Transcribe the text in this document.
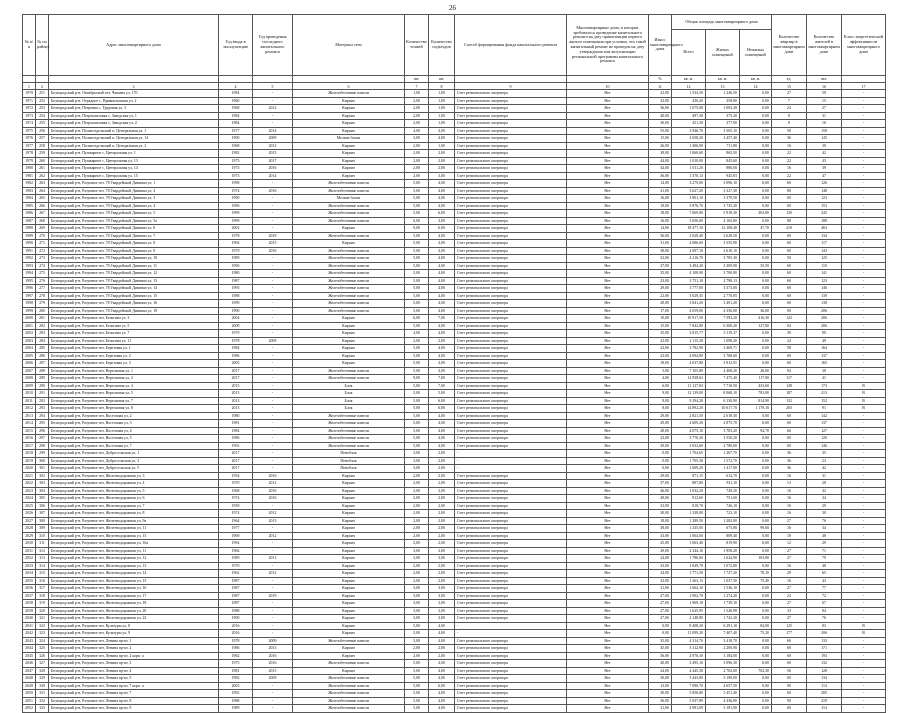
26
№ п/п	№ по району	Адрес многоквартирного дома	Год ввода в эксплуатацию	Год проведения последнего капитального ремонта	Материал стен	Количество этажей	Количество подъездов	Способ формирования фонда капитального ремонта	Многоквартирные дома, в которых требовалось проведение капитального ремонта на дату приватизации первого жилого помещения при условии, что такой капитальный ремонт не проведен на дату утверждения или актуализации региональной программы капитального ремонта	Износ многоквартирного дома	Общая площадь многоквартирного дома			Количество квартир в многоквартирном доме	Количество жителей в многоквартирном доме	Класс энергетической эффективности многоквартирного дома
											Всего	Жилых помещений	Нежилых помещений			
						шт.	шт.			%	кв. м.	кв. м.	кв. м.	ед.	чел.	
1	2	3	4	5	6	7	8	9	10	11	12	13	14	15	16	17
1970	251	Белгородский р-н, Октябрьский пгт, Чапаева ул, 170	1984	-	Железобетонные панели	1,00	1,00	Счет регионального оператора	Нет	22,00	1 534,50	1 246,50	0,00	27	58	-
1971	252	Белгородский р-н, Отрадное с, Привокзальная ул, 2	1960	-	Кирпич	2,00	1,00	Счет регионального оператора	Нет	32,00	436,20	358,00	0,00	7	15	-
1972	253	Белгородский р-н, Петровка с, Трудовая ул, 3	1968	2012	Кирпич	2,00	1,00	Счет регионального оператора	Нет	36,00	1 075,08	1 003,28	0,00	24	27	-
1973	254	Белгородский р-н, Петропавловка с, Заводская ул, 1	1984	-	Кирпич	2,00	1,00	Счет регионального оператора	Нет	40,00	497,30	375,20	0,00	8	31	-
1974	255	Белгородский р-н, Петропавловка с, Заводская ул, 2	1984	-	Кирпич	2,00	1,00	Счет регионального оператора	Нет	30,00	451,30	377,90	0,00	8	16	-
1975	256	Белгородский р-н, Политотдельский п, Центральная ул, 1	1977	2014	Кирпич	4,00	4,00	Счет регионального оператора	Нет	55,00	3 946,70	3 505,10	0,00	58	158	-
1976	257	Белгородский р-н, Политотдельский п, Центральная ул, 14	1990	2009	Мелкие блоки	3,00	4,00	Счет регионального оператора	Нет	15,00	2 658,20	2 457,40	0,00	36	145	-
1977	258	Белгородский р-н, Политотдельский п, Центральная ул, 2	1968	2012	Кирпич	2,00	1,00	Счет регионального оператора	Нет	26,00	1 306,90	711,80	0,00	16	30	-
1978	259	Белгородский р-н, Пушкарное с, Центральная ул, 1	1982	2015	Кирпич	2,00	2,00	Счет регионального оператора	Нет	38,00	1 060,60	865,50	0,00	22	42	-
1979	260	Белгородский р-н, Пушкарное с, Центральная ул, 13	1975	2017	Кирпич	2,00	2,00	Счет регионального оператора	Нет	44,00	1 010,00	845,60	0,00	22	43	-
1980	261	Белгородский р-н, Пушкарное с, Центральная ул, 14	1973	2016	Кирпич	2,00	2,00	Счет регионального оператора	Нет	44,00	1 011,20	886,00	0,00	16	39	-
1981	262	Белгородский р-н, Пушкарное с, Центральная ул, 15	1973	2014	Кирпич	2,00	3,00	Счет регионального оператора	Нет	36,00	1 370,13	945,83	0,00	22	47	-
1982	263	Белгородский р-н, Разумное пгт, 78 Гвардейской Дивизии ул, 1	1998	-	Железобетонные панели	5,00	4,00	Счет регионального оператора	Нет	14,00	3 279,00	3 096,10	0,00	60	126	-
1983	264	Белгородский р-н, Разумное пгт, 78 Гвардейской Дивизии ул, 2	1974	2016	Железобетонные панели	5,00	4,00	Счет регионального оператора	Нет	41,00	3 627,20	3 327,30	0,00	80	148	-
1984	265	Белгородский р-н, Разумное пгт, 78 Гвардейской Дивизии ул, 3	1990	-	Мелкие блоки	5,00	4,00	Счет регионального оператора	Нет	16,00	3 901,10	3 379,50	0,00	60	123	-
1985	266	Белгородский р-н, Разумное пгт, 78 Гвардейской Дивизии ул, 4	1996	-	Железобетонные панели	5,00	4,00	Счет регионального оператора	Нет	19,00	3 876,70	3 735,20	0,00	60	153	-
1986	267	Белгородский р-н, Разумное пгт, 78 Гвардейской Дивизии ул, 5	1999	-	Железобетонные панели	5,00	6,00	Счет регионального оператора	Нет	18,00	7 069,80	5 918,30	303,80	120	245	-
1987	268	Белгородский р-н, Разумное пгт, 78 Гвардейской Дивизии ул, 5а	1999	-	Железобетонные панели	6,00	3,00	Счет регионального оператора	Нет	16,00	5 656,00	4 165,60	0,00	88	188	-
1988	269	Белгородский р-н, Разумное пгт, 78 Гвардейской Дивизии ул, 6	2002	-	Кирпич	9,00	6,00	Счет регионального оператора	Нет	14,00	18 477,10	12 108,40	47,70	210	463	-
1989	270	Белгородский р-н, Разумное пгт, 78 Гвардейской Дивизии ул, 7	1978	2018	Железобетонные панели	5,00	4,00	Счет регионального оператора	Нет	36,00	3 028,40	2 628,50	0,00	60	134	-
1990	271	Белгородский р-н, Разумное пгт, 78 Гвардейской Дивизии ул, 8	1994	2015	Кирпич	5,00	4,00	Счет регионального оператора	Нет	31,00	4 086,60	3 555,90	0,00	60	117	-
1991	272	Белгородский р-н, Разумное пгт, 78 Гвардейской Дивизии ул, 9	1979	2016	Железобетонные панели	5,00	4,00	Счет регионального оператора	Нет	38,00	2 697,10	2 610,10	0,00	60	143	-
1992	273	Белгородский р-н, Разумное пгт, 78 Гвардейской Дивизии ул, 10	1989	-	Железобетонные панели	5,00	4,00	Счет регионального оператора	Нет	32,00	4 216,70	3 785,30	0,00	50	125	-
1993	274	Белгородский р-н, Разумное пгт, 78 Гвардейской Дивизии ул, 11	1996	-	Железобетонные панели	5,00	4,00	Счет регионального оператора	Нет	37,00	3 494,20	3 309,90	35,50	60	110	-
1994	275	Белгородский р-н, Разумное пгт, 78 Гвардейской Дивизии ул, 12	1980	-	Железобетонные панели	5,00	4,00	Счет регионального оператора	Нет	35,00	4 108,90	3 700,80	0,00	60	141	-
1995	276	Белгородский р-н, Разумное пгт, 78 Гвардейской Дивизии ул, 13	1987	-	Железобетонные панели	5,00	4,00	Счет регионального оператора	Нет	23,00	3 751,10	2 798,13	0,00	60	123	-
1996	277	Белгородский р-н, Разумное пгт, 78 Гвардейской Дивизии ул, 14	1995	-	Железобетонные панели	5,00	4,00	Счет регионального оператора	Нет	29,00	3 777,00	3 373,00	0,00	60	146	-
1997	278	Белгородский р-н, Разумное пгт, 78 Гвардейской Дивизии ул, 15	1988	-	Железобетонные панели	5,00	4,00	Счет регионального оператора	Нет	22,00	3 029,35	2 770,05	0,00	60	139	-
1998	279	Белгородский р-н, Разумное пгт, 78 Гвардейской Дивизии ул, 16	1999	-	Железобетонные панели	5,00	4,00	Счет регионального оператора	Нет	28,00	3 841,20	3 491,20	0,00	60	138	-
1999	280	Белгородский р-н, Разумное пгт, 78 Гвардейской Дивизии ул, 19	1990	-	Железобетонные панели	5,00	4,00	Счет регионального оператора	Нет	17,00	4 059,00	4 356,00	36,00	90	206	-
2000	281	Белгородский р-н, Разумное пгт, Бельгина ул, 3	2004	-	Кирпич	6,00	7,00	Счет регионального оператора	Нет	10,00	10 917,50	7 593,20	416,30	122	206	-
2001	282	Белгородский р-н, Разумное пгт, Бельгина ул, 5	2008	-	Кирпич	5,00	4,00	Счет регионального оператора	Нет	15,00	7 842,80	6 300,20	127,80	84	206	-
2002	283	Белгородский р-н, Разумное пгт, Бельгина ул, 7	1979	-	Кирпич	4,00	4,00	Счет регионального оператора	Нет	35,00	3 815,77	3 119,37	0,00	39	80	-
2003	284	Белгородский р-н, Разумное пгт, Бельгина ул, 11	1978	2009	Кирпич	2,00	2,00	Счет регионального оператора	Нет	22,00	2 115,20	1 098,20	0,00	24	49	-
2004	285	Белгородский р-н, Разумное пгт, Березовая ул, 1	1984	-	Кирпич	5,00	4,00	Счет регионального оператора	Нет	23,00	3 782,90	3 469,71	0,00	58	164	-
2005	286	Белгородский р-н, Разумное пгт, Березовая ул, 2	1986	-	Кирпич	5,00	4,00	Счет регионального оператора	Нет	23,00	4 094,80	3 768,60	0,00	60	137	-
2006	287	Белгородский р-н, Разумное пгт, Березовая ул, 3	2005	-	Кирпич	5,00	4,00	Счет регионального оператора	Нет	18,00	4 037,80	3 812,91	0,00	60	165	-
2007	288	Белгородский р-н, Разумное пгт, Вересковая ул, 1	2017	-	Железобетонные панели	5,00	4,00	Счет регионального оператора	Нет	5,00	7 105,89	4 468,20	26,00	84	38	-
2008	289	Белгородский р-н, Разумное пгт, Вересковая ул, 2	2017	-	Железобетонные панели	9,00	7,00	Счет регионального оператора	Нет	4,00	12 938,63	7 475,40	117,00	117	41	-
2009	290	Белгородский р-н, Разумное пгт, Вересковая ул, 4	2015	-	Блок	5,00	7,00	Счет регионального оператора	Нет	6,00	11 127,84	7 716,50	433,60	148	173	B
2010	291	Белгородский р-н, Разумное пгт, Вересковая ул, 5	2013	-	Блок	5,00	5,00	Счет регионального оператора	Нет	9,00	12 139,00	8 068,10	783,00	187	213	B
2011	292	Белгородский р-н, Разумное пгт, Вересковая ул, 7	2013	-	Блок	5,00	6,00	Счет регионального оператора	Нет	9,00	9 294,20	6 130,90	814,90	132	152	B
2012	293	Белгородский р-н, Разумное пгт, Вересковая ул, 8	2013	-	Блок	5,00	6,00	Счет регионального оператора	Нет	8,00	14 892,20	10 617,70	1 178,10	203	91	B
2013	294	Белгородский р-н, Разумное пгт, Восточная ул, 2	1980	-	Железобетонные панели	5,00	4,00	Счет регионального оператора	Нет	29,00	2 821,50	2 618,30	0,00	60	142	-
2014	295	Белгородский р-н, Разумное пгт, Восточная ул, 3	1981	-	Железобетонные панели	5,00	4,00	Счет регионального оператора	Нет	29,00	4 609,20	2 875,70	0,00	60	137	-
2015	296	Белгородский р-н, Разумное пгт, Восточная ул, 4	1984	-	Железобетонные панели	5,00	4,00	Счет регионального оператора	Нет	28,00	4 075,10	3 783,20	94,70	66	127	-
2016	297	Белгородский р-н, Разумное пгт, Восточная ул, 5	1986	-	Железобетонные панели	5,00	4,00	Счет регионального оператора	Нет	23,00	3 770,20	3 550,20	0,00	60	120	-
2017	298	Белгородский р-н, Разумное пгт, Восточная ул, 7	1992	-	Железобетонные панели	5,00	4,00	Счет регионального оператора	Нет	29,00	3 032,60	2 780,00	0,00	60	146	-
2018	299	Белгородский р-н, Разумное пгт, Добросельская ул, 1	2017	-	Пеноблок	3,00	2,00	-	Нет	0,00	1 704,65	1 267,70	0,00	36	35	-
2019	300	Белгородский р-н, Разумное пгт, Добросельская ул, 3	2017	-	Пеноблок	3,00	2,00	-	Нет	0,00	1 705,30	1 572,70	0,00	36	23	-
2020	301	Белгородский р-н, Разумное пгт, Добросельская ул, 5	2017	-	Пеноблок	3,00	2,00	-	Нет	0,00	1 609,20	1 417,00	0,00	36	42	-
2021	302	Белгородский р-н, Разумное пгт, Железнодорожная ул, 3	1954	2016	Кирпич	2,00	2,00	Счет регионального оператора	Нет	29,00	871,15	612,70	0,00	16	31	-
2022	303	Белгородский р-н, Разумное пгт, Железнодорожная ул, 4	1970	2012	Кирпич	2,00	2,00	Счет регионального оператора	Нет	37,00	887,80	811,10	0,00	13	28	-
2023	304	Белгородский р-н, Разумное пгт, Железнодорожная ул, 5	1968	2016	Кирпич	2,00	3,00	Счет регионального оператора	Нет	46,00	1 032,20	749,20	0,00	16	42	-
2024	305	Белгородский р-н, Разумное пгт, Железнодорожная ул, 6	1974	2016	Кирпич	2,00	2,00	Счет регионального оператора	Нет	49,00	912,60	751,60	0,00	16	34	-
2025	306	Белгородский р-н, Разумное пгт, Железнодорожная ул, 7	1959	-	Кирпич	2,00	2,00	Счет регионального оператора	Нет	33,00	818,70	746,10	0,00	16	29	-
2026	307	Белгородский р-н, Разумное пгт, Железнодорожная ул, 8	1974	2012	Кирпич	2,00	2,00	Счет регионального оператора	Нет	30,00	1 338,00	723,10	0,00	16	30	-
2027	308	Белгородский р-н, Разумное пгт, Железнодорожная ул, 9а	1964	2013	Кирпич	2,00	2,00	Счет регионального оператора	Нет	18,00	1 289,50	1 282,00	0,00	27	76	-
2028	309	Белгородский р-н, Разумное пгт, Железнодорожная ул, 11	1977	-	Кирпич	2,00	2,00	Счет регионального оператора	Нет	38,00	1 335,00	675,80	99,00	16	34	-
2029	310	Белгородский р-н, Разумное пгт, Железнодорожная ул, 15	1969	2012	Кирпич	2,00	2,00	Счет регионального оператора	Нет	33,00	1 064,00	809,40	0,00	18	48	-
2030	311	Белгородский р-н, Разумное пгт, Железнодорожная ул, 16а	1994	-	Кирпич	2,00	2,00	Счет регионального оператора	Нет	25,00	1 063,40	819,90	0,00	12	29	-
2031	312	Белгородский р-н, Разумное пгт, Железнодорожная ул, 11	1964	-	Кирпич	3,00	3,00	Счет регионального оператора	Нет	29,00	2 344,10	1 958,20	0,00	27	71	-
2032	313	Белгородский р-н, Разумное пгт, Железнодорожная ул, 12	1989	2013	Кирпич	3,00	3,00	Счет регионального оператора	Нет	24,00	1 786,00	1 624,90	103,80	27	79	-
2033	314	Белгородский р-н, Разумное пгт, Железнодорожная ул, 13	1970	-	Кирпич	2,00	2,00	Счет регионального оператора	Нет	33,00	1 049,70	1 072,80	0,00	16	48	-
2034	315	Белгородский р-н, Разумное пгт, Железнодорожная ул, 14	1962	2012	Кирпич	2,00	2,00	Счет регионального оператора	Нет	24,00	1 771,50	1 727,20	78,10	29	65	-
2035	316	Белгородский р-н, Разумное пгт, Железнодорожная ул, 15	1987	-	Кирпич	2,00	2,00	Счет регионального оператора	Нет	32,00	1 263,13	1 037,50	75,40	16	43	-
2036	317	Белгородский р-н, Разумное пгт, Железнодорожная ул, 16	1987	-	Кирпич	3,00	3,00	Счет регионального оператора	Нет	31,00	1 662,10	1 536,10	0,00	27	77	-
2037	318	Белгородский р-н, Разумное пгт, Железнодорожная ул, 17	1987	2019	Кирпич	3,00	3,00	Счет регионального оператора	Нет	27,00	1 902,70	1 274,20	0,00	24	72	-
2038	319	Белгородский р-н, Разумное пгт, Железнодорожная ул, 18	1987	-	Кирпич	3,00	3,00	Счет регионального оператора	Нет	27,00	1 969,10	1 739,10	0,00	27	67	-
2039	320	Белгородский р-н, Разумное пгт, Железнодорожная ул, 20	1988	-	Кирпич	3,00	3,00	Счет регионального оператора	Нет	27,00	1 625,95	1 520,98	0,00	33	84	-
2040	321	Белгородский р-н, Разумное пгт, Железнодорожная ул, 22	1990	-	Кирпич	3,00	3,00	Счет регионального оператора	Нет	27,00	2 148,80	1 722,20	0,00	27	76	-
2041	322	Белгородский р-н, Разумное пгт, Культуры ул, 8	2016	-	Кирпич	5,00	4,00	-	Нет	0,00	8 408,20	6 291,10	84,00	125	83	B
2042	323	Белгородский р-н, Разумное пгт, Культуры ул, 9	2016	-	Кирпич	5,00	4,00	-	Нет	0,00	11 099,20	7 407,40	75,20	177	206	B
2043	324	Белгородский р-н, Разумное пгт, Ленина пр-кт, 1	1978	2009	Железобетонные панели	5,00	4,00	Счет регионального оператора	Нет	35,00	4 314,70	3 418,70	0,00	60	133	-
2044	325	Белгородский р-н, Разумное пгт, Ленина пр-кт, 2	1986	2013	Кирпич	2,00	2,00	Счет регионального оператора	Нет	45,00	3 312,90	2 200,90	0,00	60	171	-
2045	326	Белгородский р-н, Разумное пгт, Ленина пр-кт, 2 корп. а	1962	2016	Кирпич	2,00	2,00	Счет регионального оператора	Нет	56,00	4 976,30	3 184,00	0,00	60	193	-
2046	327	Белгородский р-н, Разумное пгт, Ленина пр-кт, 3	1975	2016	Железобетонные панели	5,00	4,00	Счет регионального оператора	Нет	40,00	3 495,10	3 096,30	0,00	60	132	-
2047	328	Белгородский р-н, Разумное пгт, Ленина пр-кт, 4	1981	2015	Кирпич	5,00	4,00	Счет регионального оператора	Нет	24,00	4 445,30	2 702,00	702,30	56	128	-
2048	329	Белгородский р-н, Разумное пгт, Ленина пр-кт, 5	1982	2009	Железобетонные панели	5,00	4,00	Счет регионального оператора	Нет	30,00	3 443,80	3 190,00	0,00	60	134	-
2049	330	Белгородский р-н, Разумное пгт, Ленина пр-кт, 7 корп. а	2003	-	Железобетонные панели	5,00	6,00	Счет регионального оператора	Нет	13,00	7 090,70	4 657,50	0,00	90	114	-
2050	331	Белгородский р-н, Разумное пгт, Ленина пр-кт, 7	1992	-	Железобетонные панели	5,00	4,00	Счет регионального оператора	Нет	30,00	5 856,80	5 451,40	0,00	60	205	-
2051	332	Белгородский р-н, Разумное пгт, Ленина пр-кт, 8	1988	-	Железобетонные панели	5,00	4,00	Счет регионального оператора	Нет	36,00	5 037,89	4 436,80	0,00	90	219	-
2052	333	Белгородский р-н, Разумное пгт, Ленина пр-кт, 9	1989	-	Железобетонные панели	5,00	4,00	Счет регионального оператора	Нет	31,00	4 981,09	3 181,90	0,00	60	114	-
